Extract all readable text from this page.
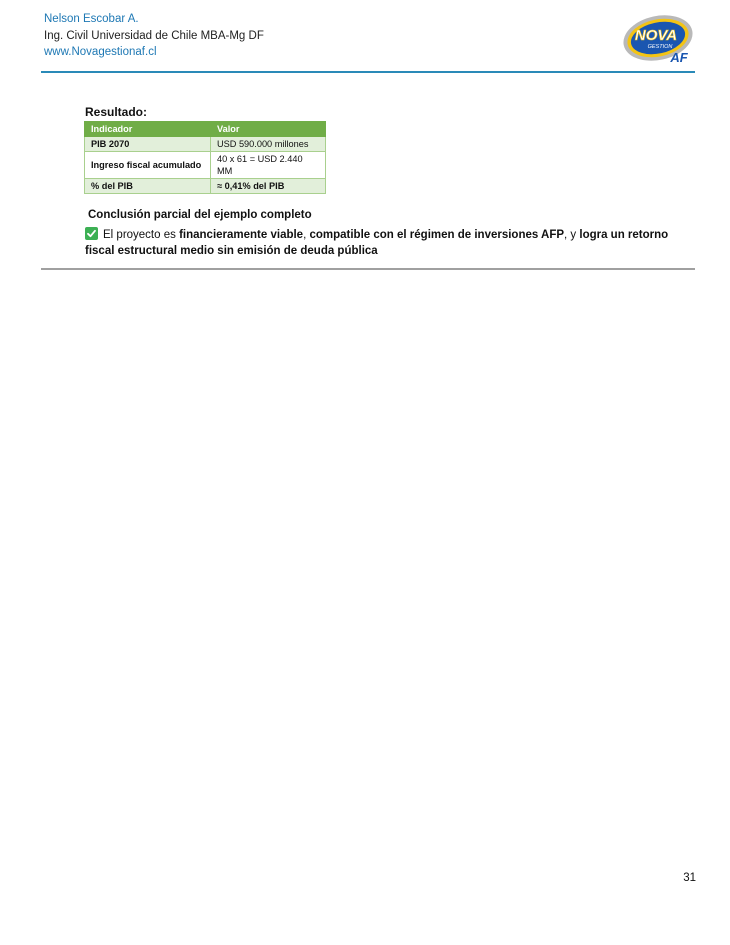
Nelson Escobar A.
Ing. Civil Universidad de Chile MBA-Mg DF
www.Novagestionaf.cl
NOVA
GESTION
AF
Resultado:
Indicador	Valor
PIB 2070	USD 590.000 millones
Ingreso fiscal acumulado	40 x 61 = USD 2.440 MM
% del PIB	≈ 0,41% del PIB
Conclusión parcial del ejemplo completo
El proyecto es financieramente viable, compatible con el régimen de inversiones AFP, y logra un retorno fiscal estructural medio sin emisión de deuda pública
31
